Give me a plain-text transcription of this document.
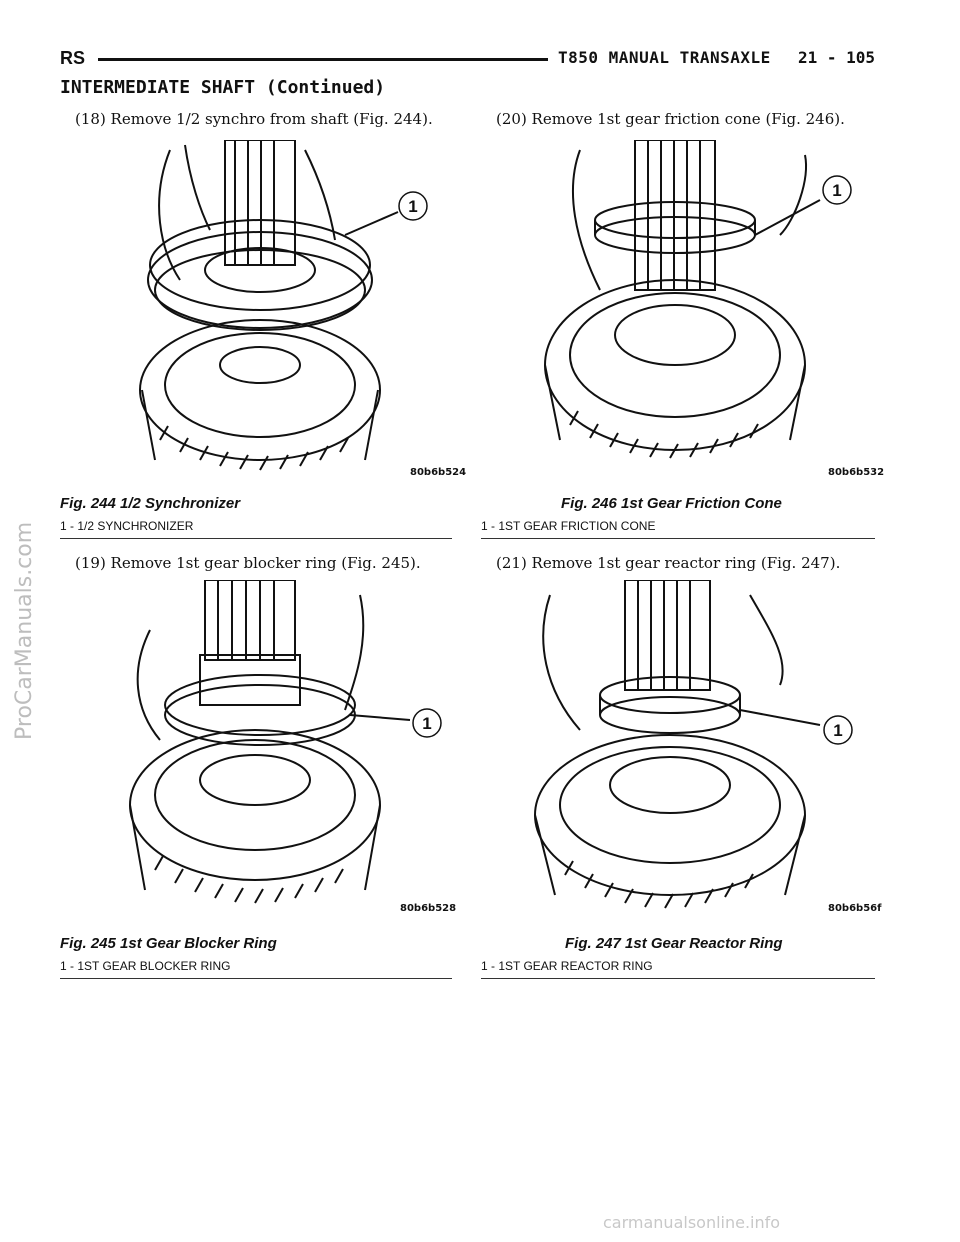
RS	T850 MANUAL TRANSAXLE 21 - 105
INTERMEDIATE SHAFT (Continued)
(18) Remove 1/2 synchro from shaft (Fig. 244).
1
80b6b524
Fig. 244 1/2 Synchronizer
1 - 1/2 SYNCHRONIZER
(19) Remove 1st gear blocker ring (Fig. 245).
1
80b6b528
Fig. 245 1st Gear Blocker Ring
1 - 1ST GEAR BLOCKER RING
(20) Remove 1st gear friction cone (Fig. 246).
1
80b6b532
Fig. 246 1st Gear Friction Cone
1 - 1ST GEAR FRICTION CONE
(21) Remove 1st gear reactor ring (Fig. 247).
1
80b6b56f
Fig. 247 1st Gear Reactor Ring
1 - 1ST GEAR REACTOR RING
ProCarManuals.com
carmanualsonline.info
